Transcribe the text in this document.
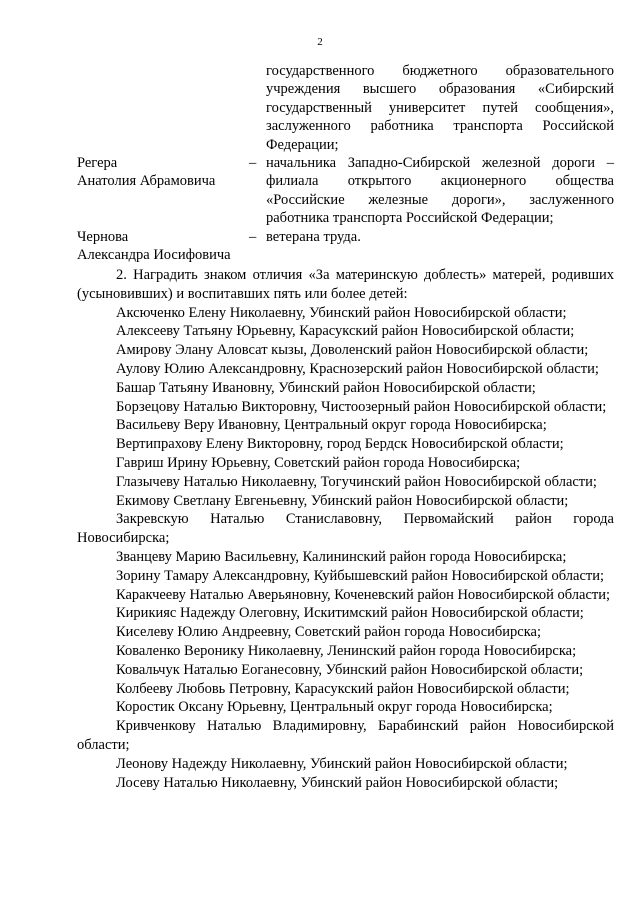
2
государственного бюджетного образовательного
учреждения высшего образования «Сибирский
государственный университет путей сообщения»,
заслуженного работника транспорта Российской
Федерации;
Регера
Анатолия Абрамовича
– начальника Западно-Сибирской железной дороги – филиала открытого акционерного общества «Российские железные дороги», заслуженного работника транспорта Российской Федерации;
Чернова
Александра Иосифовича
– ветерана труда.
2. Наградить знаком отличия «За материнскую доблесть» матерей, родивших (усыновивших) и воспитавших пять или более детей:
Аксюченко Елену Николаевну, Убинский район Новосибирской области;
Алексееву Татьяну Юрьевну, Карасукский район Новосибирской области;
Амирову Элану Аловсат кызы, Доволенский район Новосибирской области;
Аулову Юлию Александровну, Краснозерский район Новосибирской области;
Башар Татьяну Ивановну, Убинский район Новосибирской области;
Борзецову Наталью Викторовну, Чистоозерный район Новосибирской области;
Васильеву Веру Ивановну, Центральный округ города Новосибирска;
Вертипрахову Елену Викторовну, город Бердск Новосибирской области;
Гавриш Ирину Юрьевну, Советский район города Новосибирска;
Глазычеву Наталью Николаевну, Тогучинский район Новосибирской области;
Екимову Светлану Евгеньевну, Убинский район Новосибирской области;
Закревскую Наталью Станиславовну, Первомайский район города Новосибирска;
Званцеву Марию Васильевну, Калининский район города Новосибирска;
Зорину Тамару Александровну, Куйбышевский район Новосибирской области;
Каракчееву Наталью Аверьяновну, Коченевский район Новосибирской области;
Кирикияс Надежду Олеговну, Искитимский район Новосибирской области;
Киселеву Юлию Андреевну, Советский район города Новосибирска;
Коваленко Веронику Николаевну, Ленинский район города Новосибирска;
Ковальчук Наталью Еоганесовну, Убинский район Новосибирской области;
Колбееву Любовь Петровну, Карасукский район Новосибирской области;
Коростик Оксану Юрьевну, Центральный округ города Новосибирска;
Кривченкову Наталью Владимировну, Барабинский район Новосибирской области;
Леонову Надежду Николаевну, Убинский район Новосибирской области;
Лосеву Наталью Николаевну, Убинский район Новосибирской области;
